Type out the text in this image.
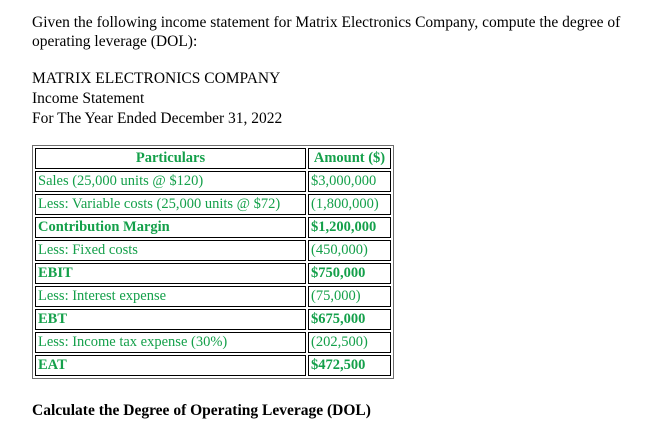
Given the following income statement for Matrix Electronics Company, compute the degree of operating leverage (DOL):
MATRIX ELECTRONICS COMPANY
Income Statement
For The Year Ended December 31, 2022
Particulars	Amount ($)
Sales (25,000 units @ $120)	$3,000,000
Less: Variable costs (25,000 units @ $72)	(1,800,000)
Contribution Margin	$1,200,000
Less: Fixed costs	(450,000)
EBIT	$750,000
Less: Interest expense	(75,000)
EBT	$675,000
Less: Income tax expense (30%)	(202,500)
EAT	$472,500
Calculate the Degree of Operating Leverage (DOL)
